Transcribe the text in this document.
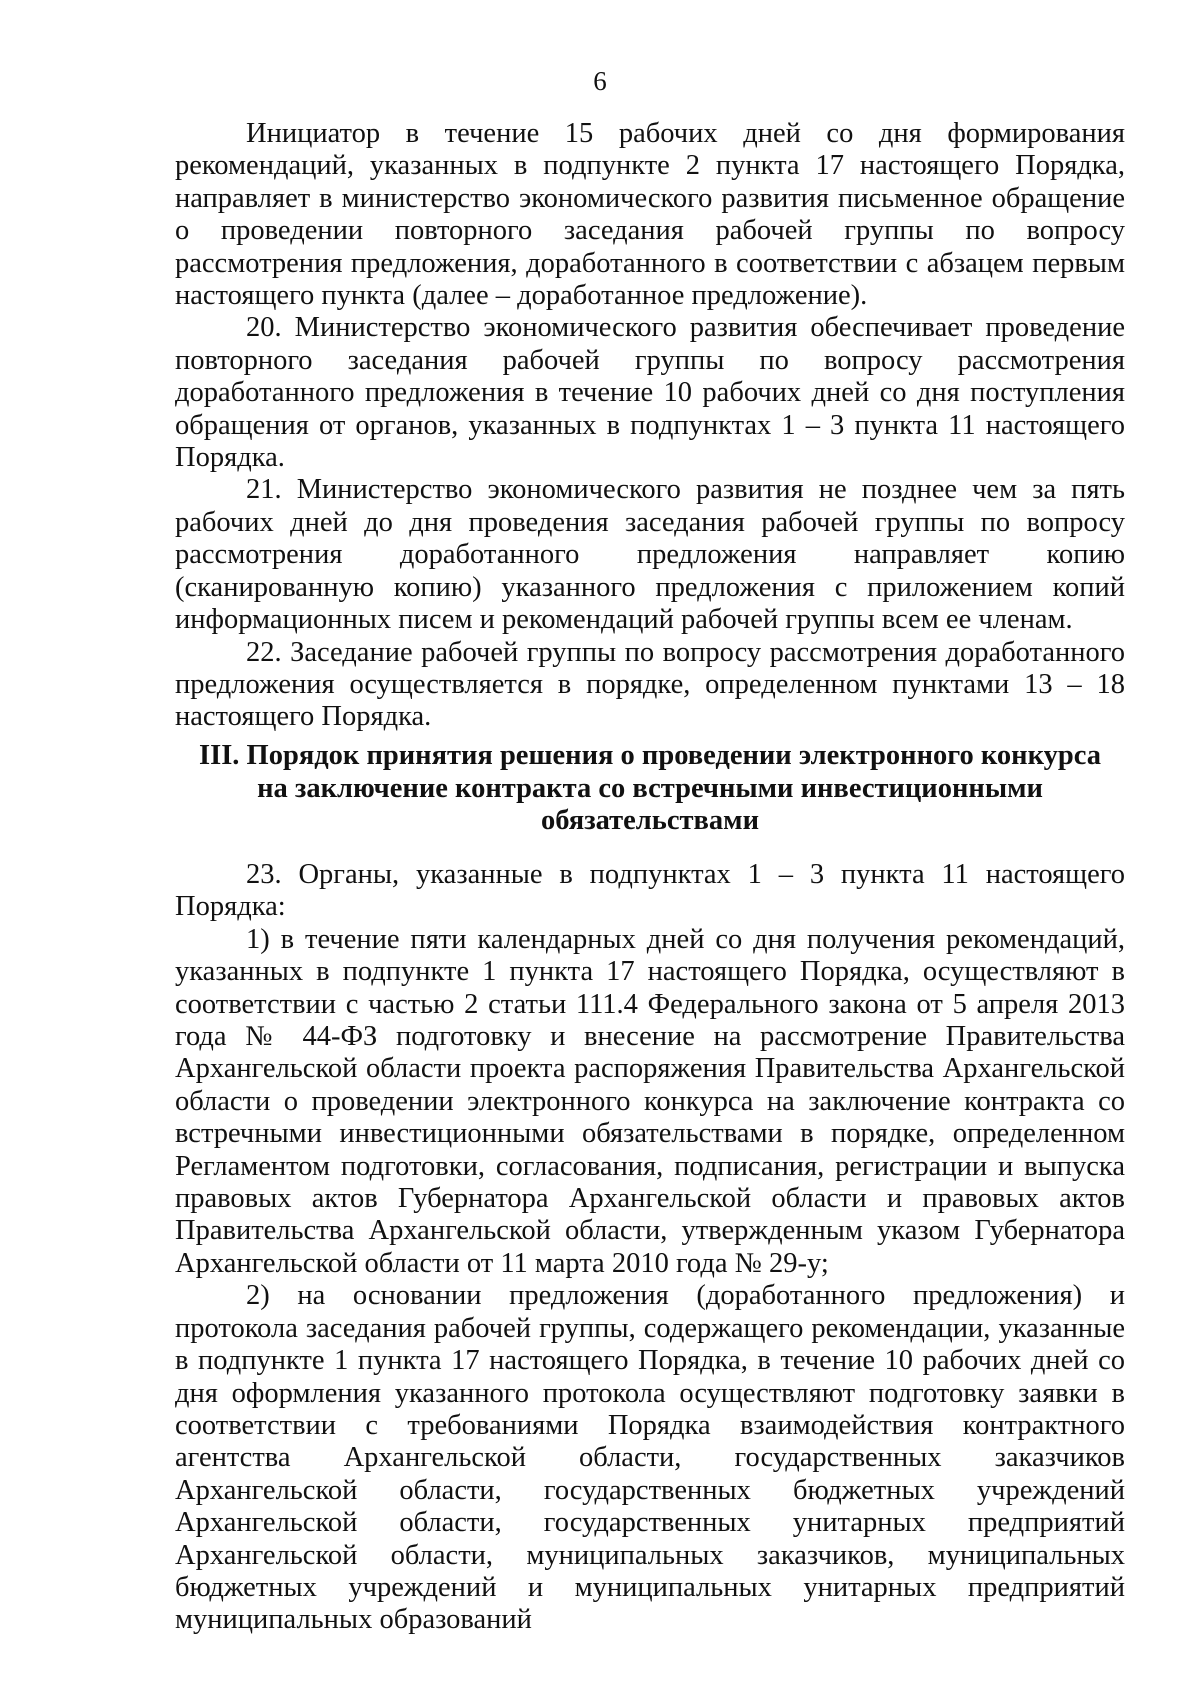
6

Инициатор в течение 15 рабочих дней со дня формирования рекомендаций, указанных в подпункте 2 пункта 17 настоящего Порядка, направляет в министерство экономического развития письменное обращение о проведении повторного заседания рабочей группы по вопросу рассмотрения предложения, доработанного в соответствии с абзацем первым настоящего пункта (далее – доработанное предложение).

20. Министерство экономического развития обеспечивает проведение повторного заседания рабочей группы по вопросу рассмотрения доработанного предложения в течение 10 рабочих дней со дня поступления обращения от органов, указанных в подпунктах 1 – 3 пункта 11 настоящего Порядка.

21. Министерство экономического развития не позднее чем за пять рабочих дней до дня проведения заседания рабочей группы по вопросу рассмотрения доработанного предложения направляет копию (сканированную копию) указанного предложения с приложением копий информационных писем и рекомендаций рабочей группы всем ее членам.

22. Заседание рабочей группы по вопросу рассмотрения доработанного предложения осуществляется в порядке, определенном пунктами 13 – 18 настоящего Порядка.

III. Порядок принятия решения о проведении электронного конкурса
на заключение контракта со встречными инвестиционными
обязательствами

23. Органы, указанные в подпунктах 1 – 3 пункта 11 настоящего Порядка:

1) в течение пяти календарных дней со дня получения рекомендаций, указанных в подпункте 1 пункта 17 настоящего Порядка, осуществляют в соответствии с частью 2 статьи 111.4 Федерального закона от 5 апреля 2013 года № 44-ФЗ подготовку и внесение на рассмотрение Правительства Архангельской области проекта распоряжения Правительства Архангельской области о проведении электронного конкурса на заключение контракта со встречными инвестиционными обязательствами в порядке, определенном Регламентом подготовки, согласования, подписания, регистрации и выпуска правовых актов Губернатора Архангельской области и правовых актов Правительства Архангельской области, утвержденным указом Губернатора Архангельской области от 11 марта 2010 года № 29-у;

2) на основании предложения (доработанного предложения) и протокола заседания рабочей группы, содержащего рекомендации, указанные в подпункте 1 пункта 17 настоящего Порядка, в течение 10 рабочих дней со дня оформления указанного протокола осуществляют подготовку заявки в соответствии с требованиями Порядка взаимодействия контрактного агентства Архангельской области, государственных заказчиков Архангельской области, государственных бюджетных учреждений Архангельской области, государственных унитарных предприятий Архангельской области, муниципальных заказчиков, муниципальных бюджетных учреждений и муниципальных унитарных предприятий муниципальных образований
